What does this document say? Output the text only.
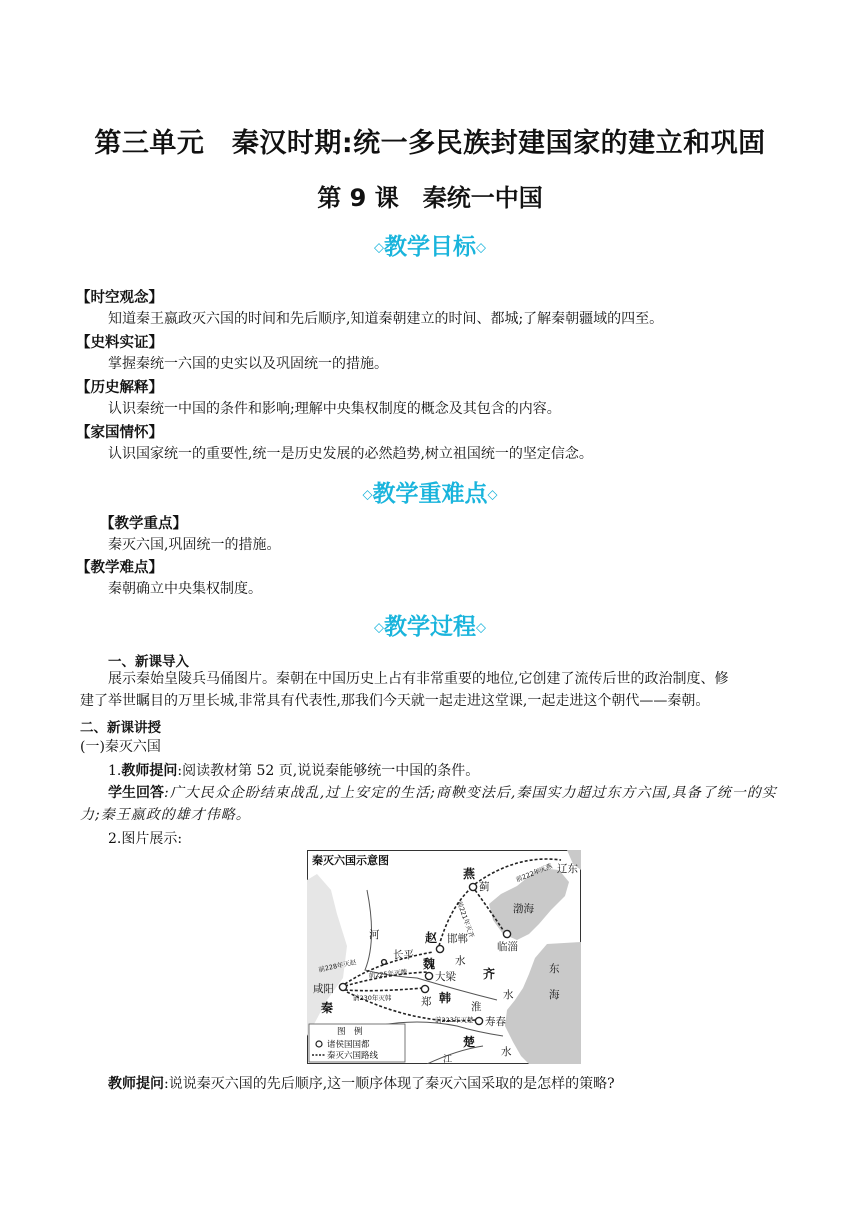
第三单元　秦汉时期:统一多民族封建国家的建立和巩固
第 9 课　秦统一中国
◇教学目标◇
【时空观念】
知道秦王嬴政灭六国的时间和先后顺序,知道秦朝建立的时间、都城;了解秦朝疆域的四至。
【史料实证】
掌握秦统一六国的史实以及巩固统一的措施。
【历史解释】
认识秦统一中国的条件和影响;理解中央集权制度的概念及其包含的内容。
【家国情怀】
认识国家统一的重要性,统一是历史发展的必然趋势,树立祖国统一的坚定信念。
◇教学重难点◇
【教学重点】
秦灭六国,巩固统一的措施。
【教学难点】
秦朝确立中央集权制度。
◇教学过程◇
一、新课导入
展示秦始皇陵兵马俑图片。秦朝在中国历史上占有非常重要的地位,它创建了流传后世的政治制度、修
建了举世瞩目的万里长城,非常具有代表性,那我们今天就一起走进这堂课,一起走进这个朝代——秦朝。
二、新课讲授
(一)秦灭六国
1.教师提问:阅读教材第 52 页,说说秦能够统一中国的条件。
学生回答:广大民众企盼结束战乱,过上安定的生活;商鞅变法后,秦国实力超过东方六国,具备了统一的实
力;秦王嬴政的雄才伟略。
2.图片展示:
秦灭六国示意图
燕
蓟
辽东
渤海
赵 邯郸
临淄
齐
长平
魏
大梁
咸阳
秦
韩
郑	淮
寿春
楚
河
水
水
水
江
东
海
前228年灭赵
前225年灭魏
前230年灭韩
前223年灭楚
前222年灭燕
前221年灭齐
图　例
诸侯国国都
秦灭六国路线
教师提问:说说秦灭六国的先后顺序,这一顺序体现了秦灭六国采取的是怎样的策略?
